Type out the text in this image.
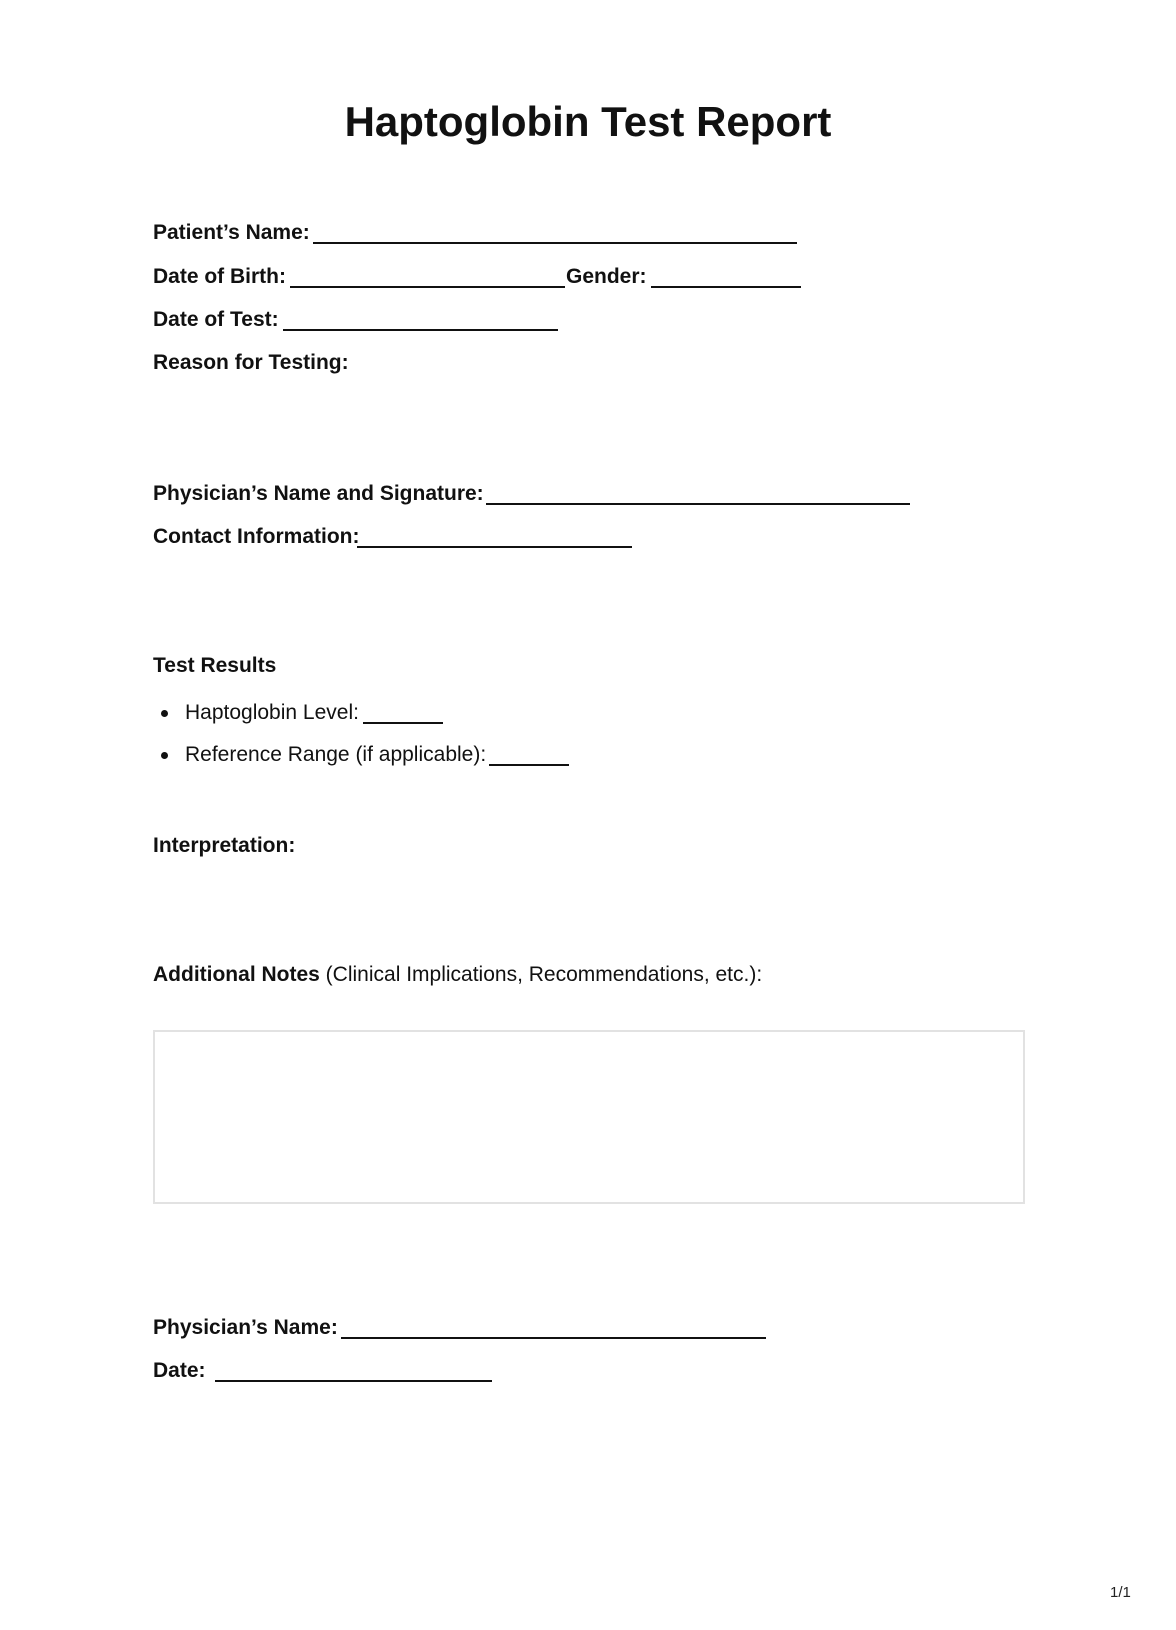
Haptoglobin Test Report
Patient’s Name:
Date of Birth:	Gender:
Date of Test:
Reason for Testing:
Physician’s Name and Signature:
Contact Information:
Test Results
Haptoglobin Level:
Reference Range (if applicable):
Interpretation:
Additional Notes (Clinical Implications, Recommendations, etc.):
Physician’s Name:
Date:
1/1
